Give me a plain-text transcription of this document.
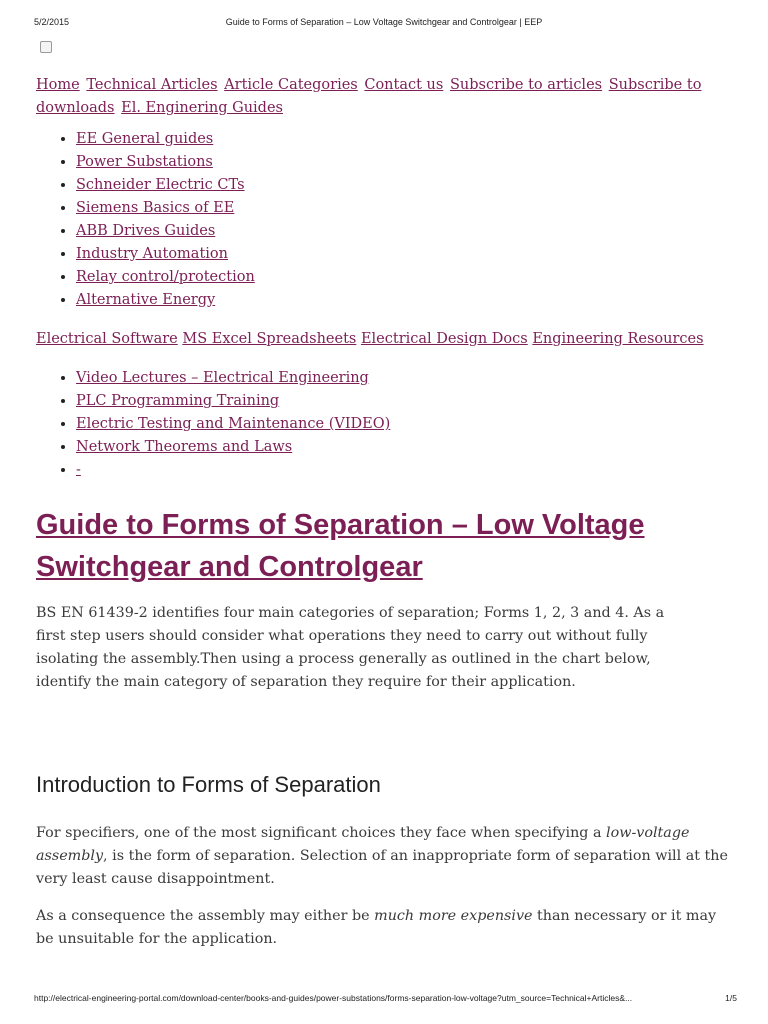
5/2/2015	Guide to Forms of Separation – Low Voltage Switchgear and Controlgear | EEP

Home Technical Articles Article Categories Contact us Subscribe to articles Subscribe to downloads El. Enginering Guides

• EE General guides
• Power Substations
• Schneider Electric CTs
• Siemens Basics of EE
• ABB Drives Guides
• Industry Automation
• Relay control/protection
• Alternative Energy

Electrical Software MS Excel Spreadsheets Electrical Design Docs Engineering Resources

• Video Lectures – Electrical Engineering
• PLC Programming Training
• Electric Testing and Maintenance (VIDEO)
• Network Theorems and Laws
• -
Guide to Forms of Separation – Low Voltage Switchgear and Controlgear

BS EN 61439-2 identifies four main categories of separation; Forms 1, 2, 3 and 4. As a first step users should consider what operations they need to carry out without fully isolating the assembly.Then using a process generally as outlined in the chart below, identify the main category of separation they require for their application.

Introduction to Forms of Separation

For specifiers, one of the most significant choices they face when specifying a low-voltage assembly, is the form of separation. Selection of an inappropriate form of separation will at the very least cause disappointment.

As a consequence the assembly may either be much more expensive than necessary or it may be unsuitable for the application.

http://electrical-engineering-portal.com/download-center/books-and-guides/power-substations/forms-separation-low-voltage?utm_source=Technical+Articles&...	1/5
